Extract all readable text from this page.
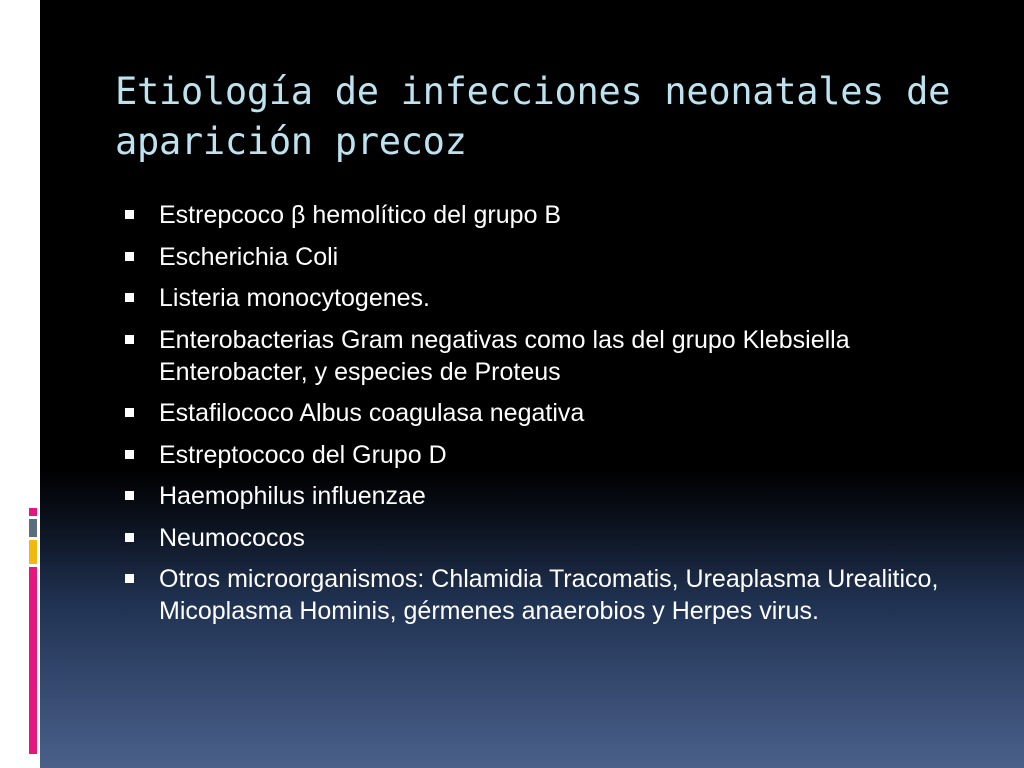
Etiología de infecciones neonatales de aparición precoz
Estrepcoco β hemolítico del grupo B
Escherichia Coli
Listeria monocytogenes.
Enterobacterias Gram negativas como las del grupo Klebsiella Enterobacter, y especies de Proteus
Estafilococo Albus coagulasa negativa
Estreptococo del Grupo D
Haemophilus influenzae
Neumococos
Otros microorganismos: Chlamidia Tracomatis, Ureaplasma Urealitico, Micoplasma Hominis, gérmenes anaerobios y Herpes virus.
